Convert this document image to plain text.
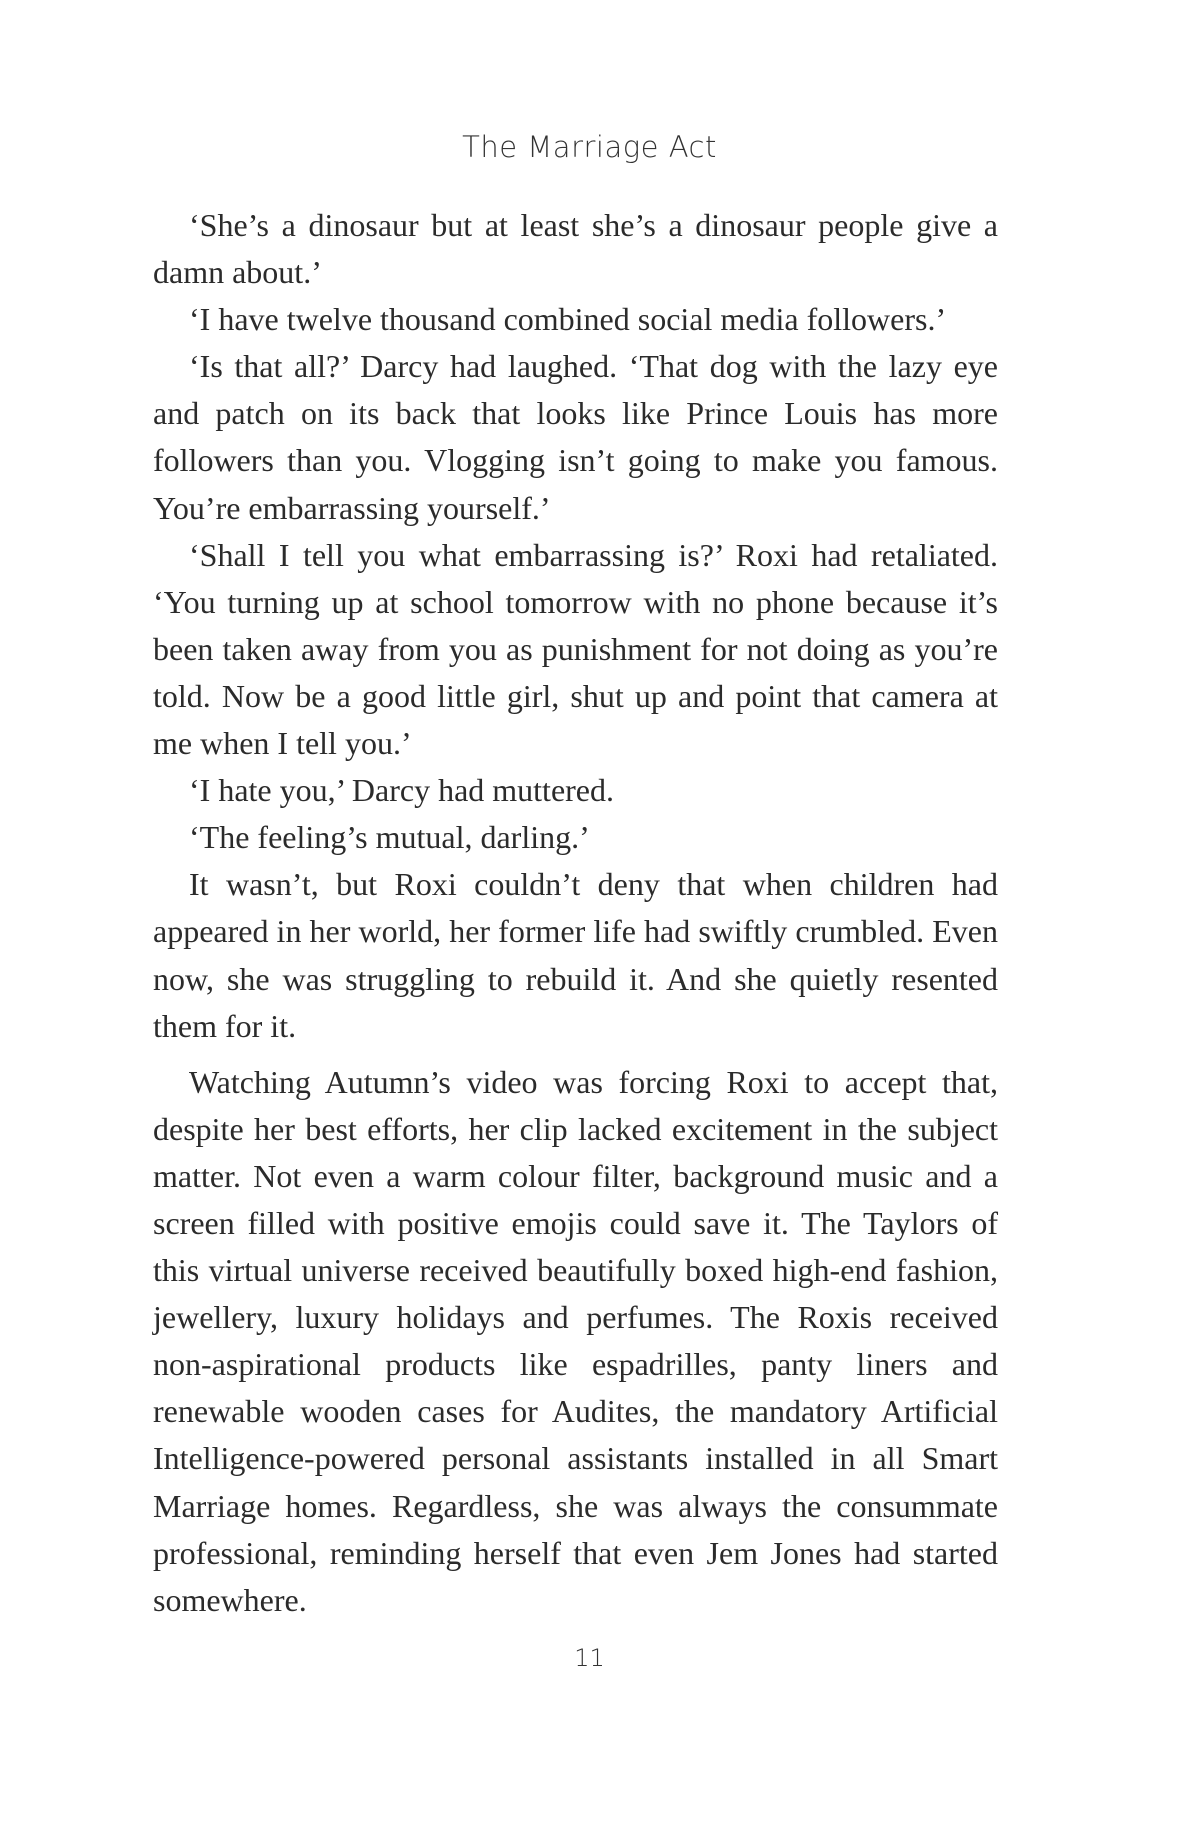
The Marriage Act

‘She’s a dinosaur but at least she’s a dinosaur people give a damn about.’

‘I have twelve thousand combined social media followers.’

‘Is that all?’ Darcy had laughed. ‘That dog with the lazy eye and patch on its back that looks like Prince Louis has more followers than you. Vlogging isn’t going to make you famous. You’re embarrassing yourself.’

‘Shall I tell you what embarrassing is?’ Roxi had retaliated. ‘You turning up at school tomorrow with no phone because it’s been taken away from you as punishment for not doing as you’re told. Now be a good little girl, shut up and point that camera at me when I tell you.’

‘I hate you,’ Darcy had muttered.

‘The feeling’s mutual, darling.’

It wasn’t, but Roxi couldn’t deny that when children had appeared in her world, her former life had swiftly crumbled. Even now, she was struggling to rebuild it. And she quietly resented them for it.

Watching Autumn’s video was forcing Roxi to accept that, despite her best efforts, her clip lacked excitement in the subject matter. Not even a warm colour filter, background music and a screen filled with positive emojis could save it. The Taylors of this virtual universe received beautifully boxed high-end fashion, jewellery, luxury holidays and perfumes. The Roxis received non-aspirational products like espadrilles, panty liners and renewable wooden cases for Audites, the mandatory Artificial Intelligence-powered personal assistants installed in all Smart Marriage homes. Regardless, she was always the consummate professional, reminding herself that even Jem Jones had started somewhere.

11
